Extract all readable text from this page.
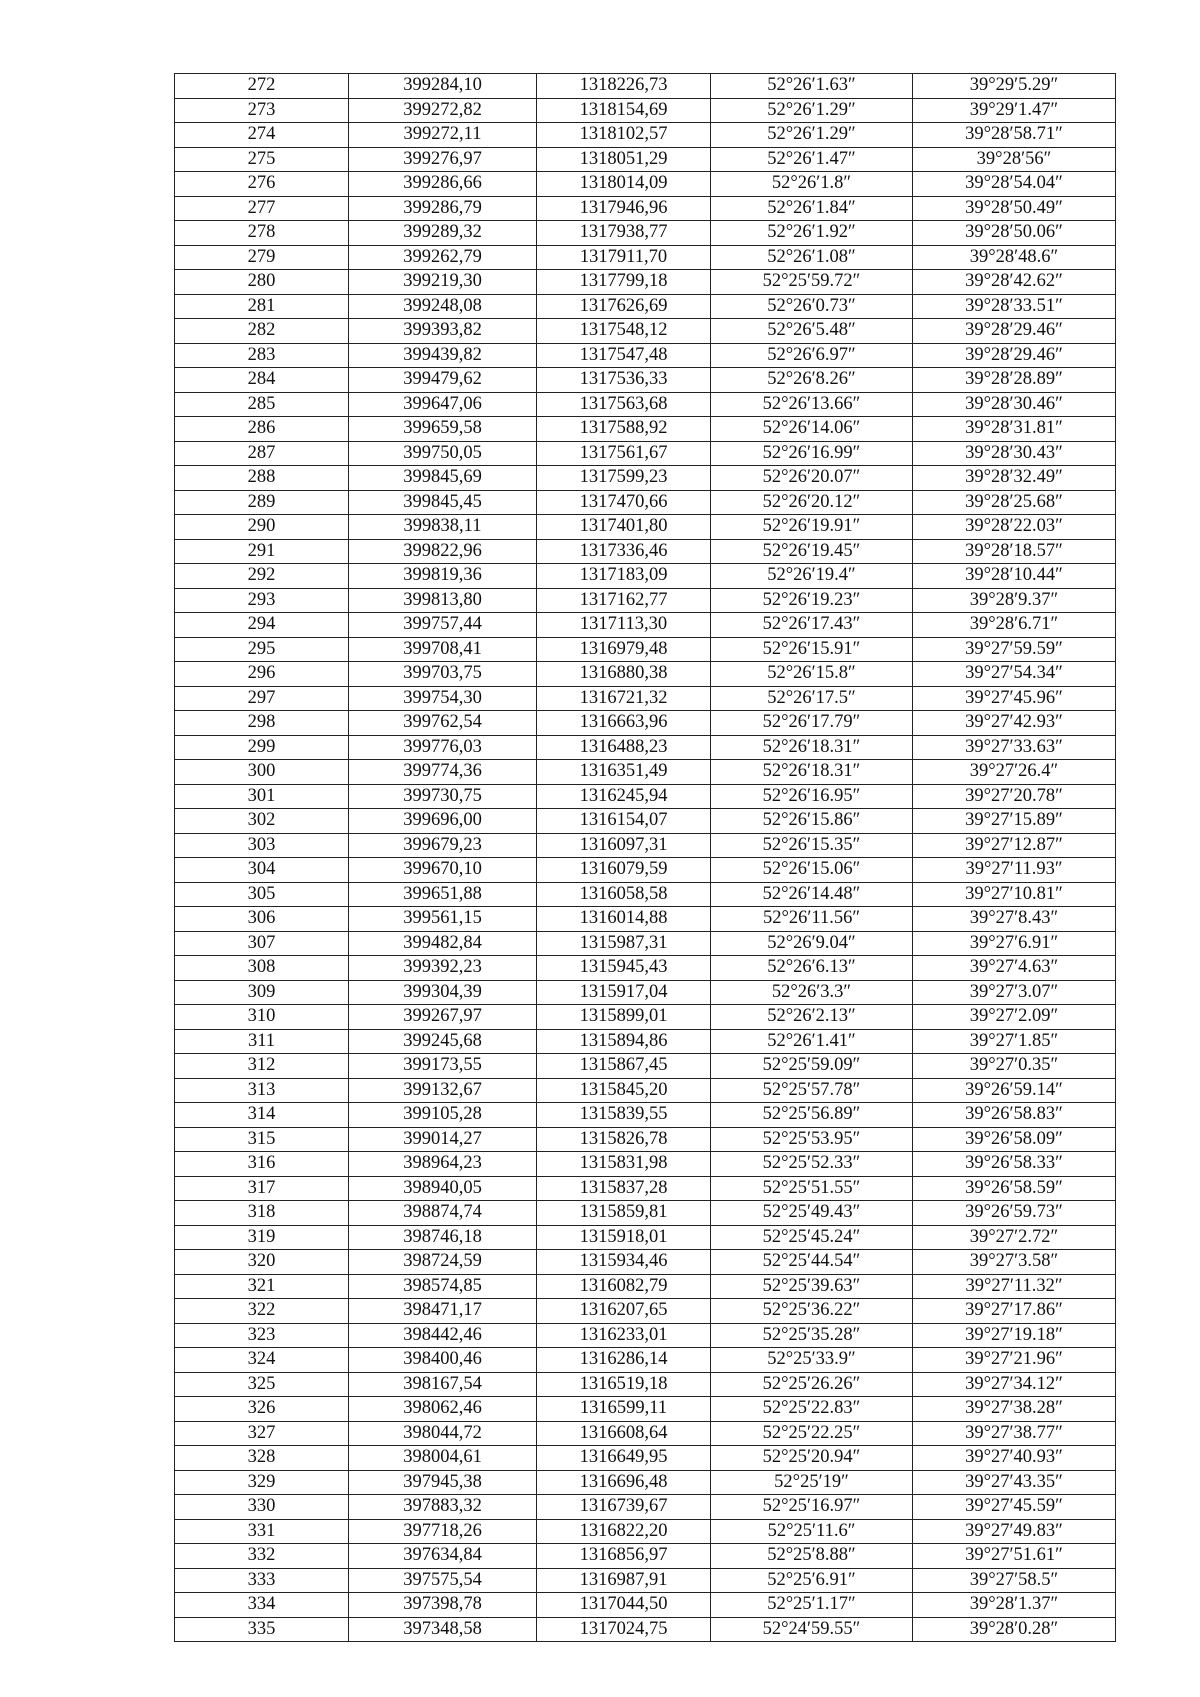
272	399284,10	1318226,73	52°26′1.63″	39°29′5.29″
273	399272,82	1318154,69	52°26′1.29″	39°29′1.47″
274	399272,11	1318102,57	52°26′1.29″	39°28′58.71″
275	399276,97	1318051,29	52°26′1.47″	39°28′56″
276	399286,66	1318014,09	52°26′1.8″	39°28′54.04″
277	399286,79	1317946,96	52°26′1.84″	39°28′50.49″
278	399289,32	1317938,77	52°26′1.92″	39°28′50.06″
279	399262,79	1317911,70	52°26′1.08″	39°28′48.6″
280	399219,30	1317799,18	52°25′59.72″	39°28′42.62″
281	399248,08	1317626,69	52°26′0.73″	39°28′33.51″
282	399393,82	1317548,12	52°26′5.48″	39°28′29.46″
283	399439,82	1317547,48	52°26′6.97″	39°28′29.46″
284	399479,62	1317536,33	52°26′8.26″	39°28′28.89″
285	399647,06	1317563,68	52°26′13.66″	39°28′30.46″
286	399659,58	1317588,92	52°26′14.06″	39°28′31.81″
287	399750,05	1317561,67	52°26′16.99″	39°28′30.43″
288	399845,69	1317599,23	52°26′20.07″	39°28′32.49″
289	399845,45	1317470,66	52°26′20.12″	39°28′25.68″
290	399838,11	1317401,80	52°26′19.91″	39°28′22.03″
291	399822,96	1317336,46	52°26′19.45″	39°28′18.57″
292	399819,36	1317183,09	52°26′19.4″	39°28′10.44″
293	399813,80	1317162,77	52°26′19.23″	39°28′9.37″
294	399757,44	1317113,30	52°26′17.43″	39°28′6.71″
295	399708,41	1316979,48	52°26′15.91″	39°27′59.59″
296	399703,75	1316880,38	52°26′15.8″	39°27′54.34″
297	399754,30	1316721,32	52°26′17.5″	39°27′45.96″
298	399762,54	1316663,96	52°26′17.79″	39°27′42.93″
299	399776,03	1316488,23	52°26′18.31″	39°27′33.63″
300	399774,36	1316351,49	52°26′18.31″	39°27′26.4″
301	399730,75	1316245,94	52°26′16.95″	39°27′20.78″
302	399696,00	1316154,07	52°26′15.86″	39°27′15.89″
303	399679,23	1316097,31	52°26′15.35″	39°27′12.87″
304	399670,10	1316079,59	52°26′15.06″	39°27′11.93″
305	399651,88	1316058,58	52°26′14.48″	39°27′10.81″
306	399561,15	1316014,88	52°26′11.56″	39°27′8.43″
307	399482,84	1315987,31	52°26′9.04″	39°27′6.91″
308	399392,23	1315945,43	52°26′6.13″	39°27′4.63″
309	399304,39	1315917,04	52°26′3.3″	39°27′3.07″
310	399267,97	1315899,01	52°26′2.13″	39°27′2.09″
311	399245,68	1315894,86	52°26′1.41″	39°27′1.85″
312	399173,55	1315867,45	52°25′59.09″	39°27′0.35″
313	399132,67	1315845,20	52°25′57.78″	39°26′59.14″
314	399105,28	1315839,55	52°25′56.89″	39°26′58.83″
315	399014,27	1315826,78	52°25′53.95″	39°26′58.09″
316	398964,23	1315831,98	52°25′52.33″	39°26′58.33″
317	398940,05	1315837,28	52°25′51.55″	39°26′58.59″
318	398874,74	1315859,81	52°25′49.43″	39°26′59.73″
319	398746,18	1315918,01	52°25′45.24″	39°27′2.72″
320	398724,59	1315934,46	52°25′44.54″	39°27′3.58″
321	398574,85	1316082,79	52°25′39.63″	39°27′11.32″
322	398471,17	1316207,65	52°25′36.22″	39°27′17.86″
323	398442,46	1316233,01	52°25′35.28″	39°27′19.18″
324	398400,46	1316286,14	52°25′33.9″	39°27′21.96″
325	398167,54	1316519,18	52°25′26.26″	39°27′34.12″
326	398062,46	1316599,11	52°25′22.83″	39°27′38.28″
327	398044,72	1316608,64	52°25′22.25″	39°27′38.77″
328	398004,61	1316649,95	52°25′20.94″	39°27′40.93″
329	397945,38	1316696,48	52°25′19″	39°27′43.35″
330	397883,32	1316739,67	52°25′16.97″	39°27′45.59″
331	397718,26	1316822,20	52°25′11.6″	39°27′49.83″
332	397634,84	1316856,97	52°25′8.88″	39°27′51.61″
333	397575,54	1316987,91	52°25′6.91″	39°27′58.5″
334	397398,78	1317044,50	52°25′1.17″	39°28′1.37″
335	397348,58	1317024,75	52°24′59.55″	39°28′0.28″
